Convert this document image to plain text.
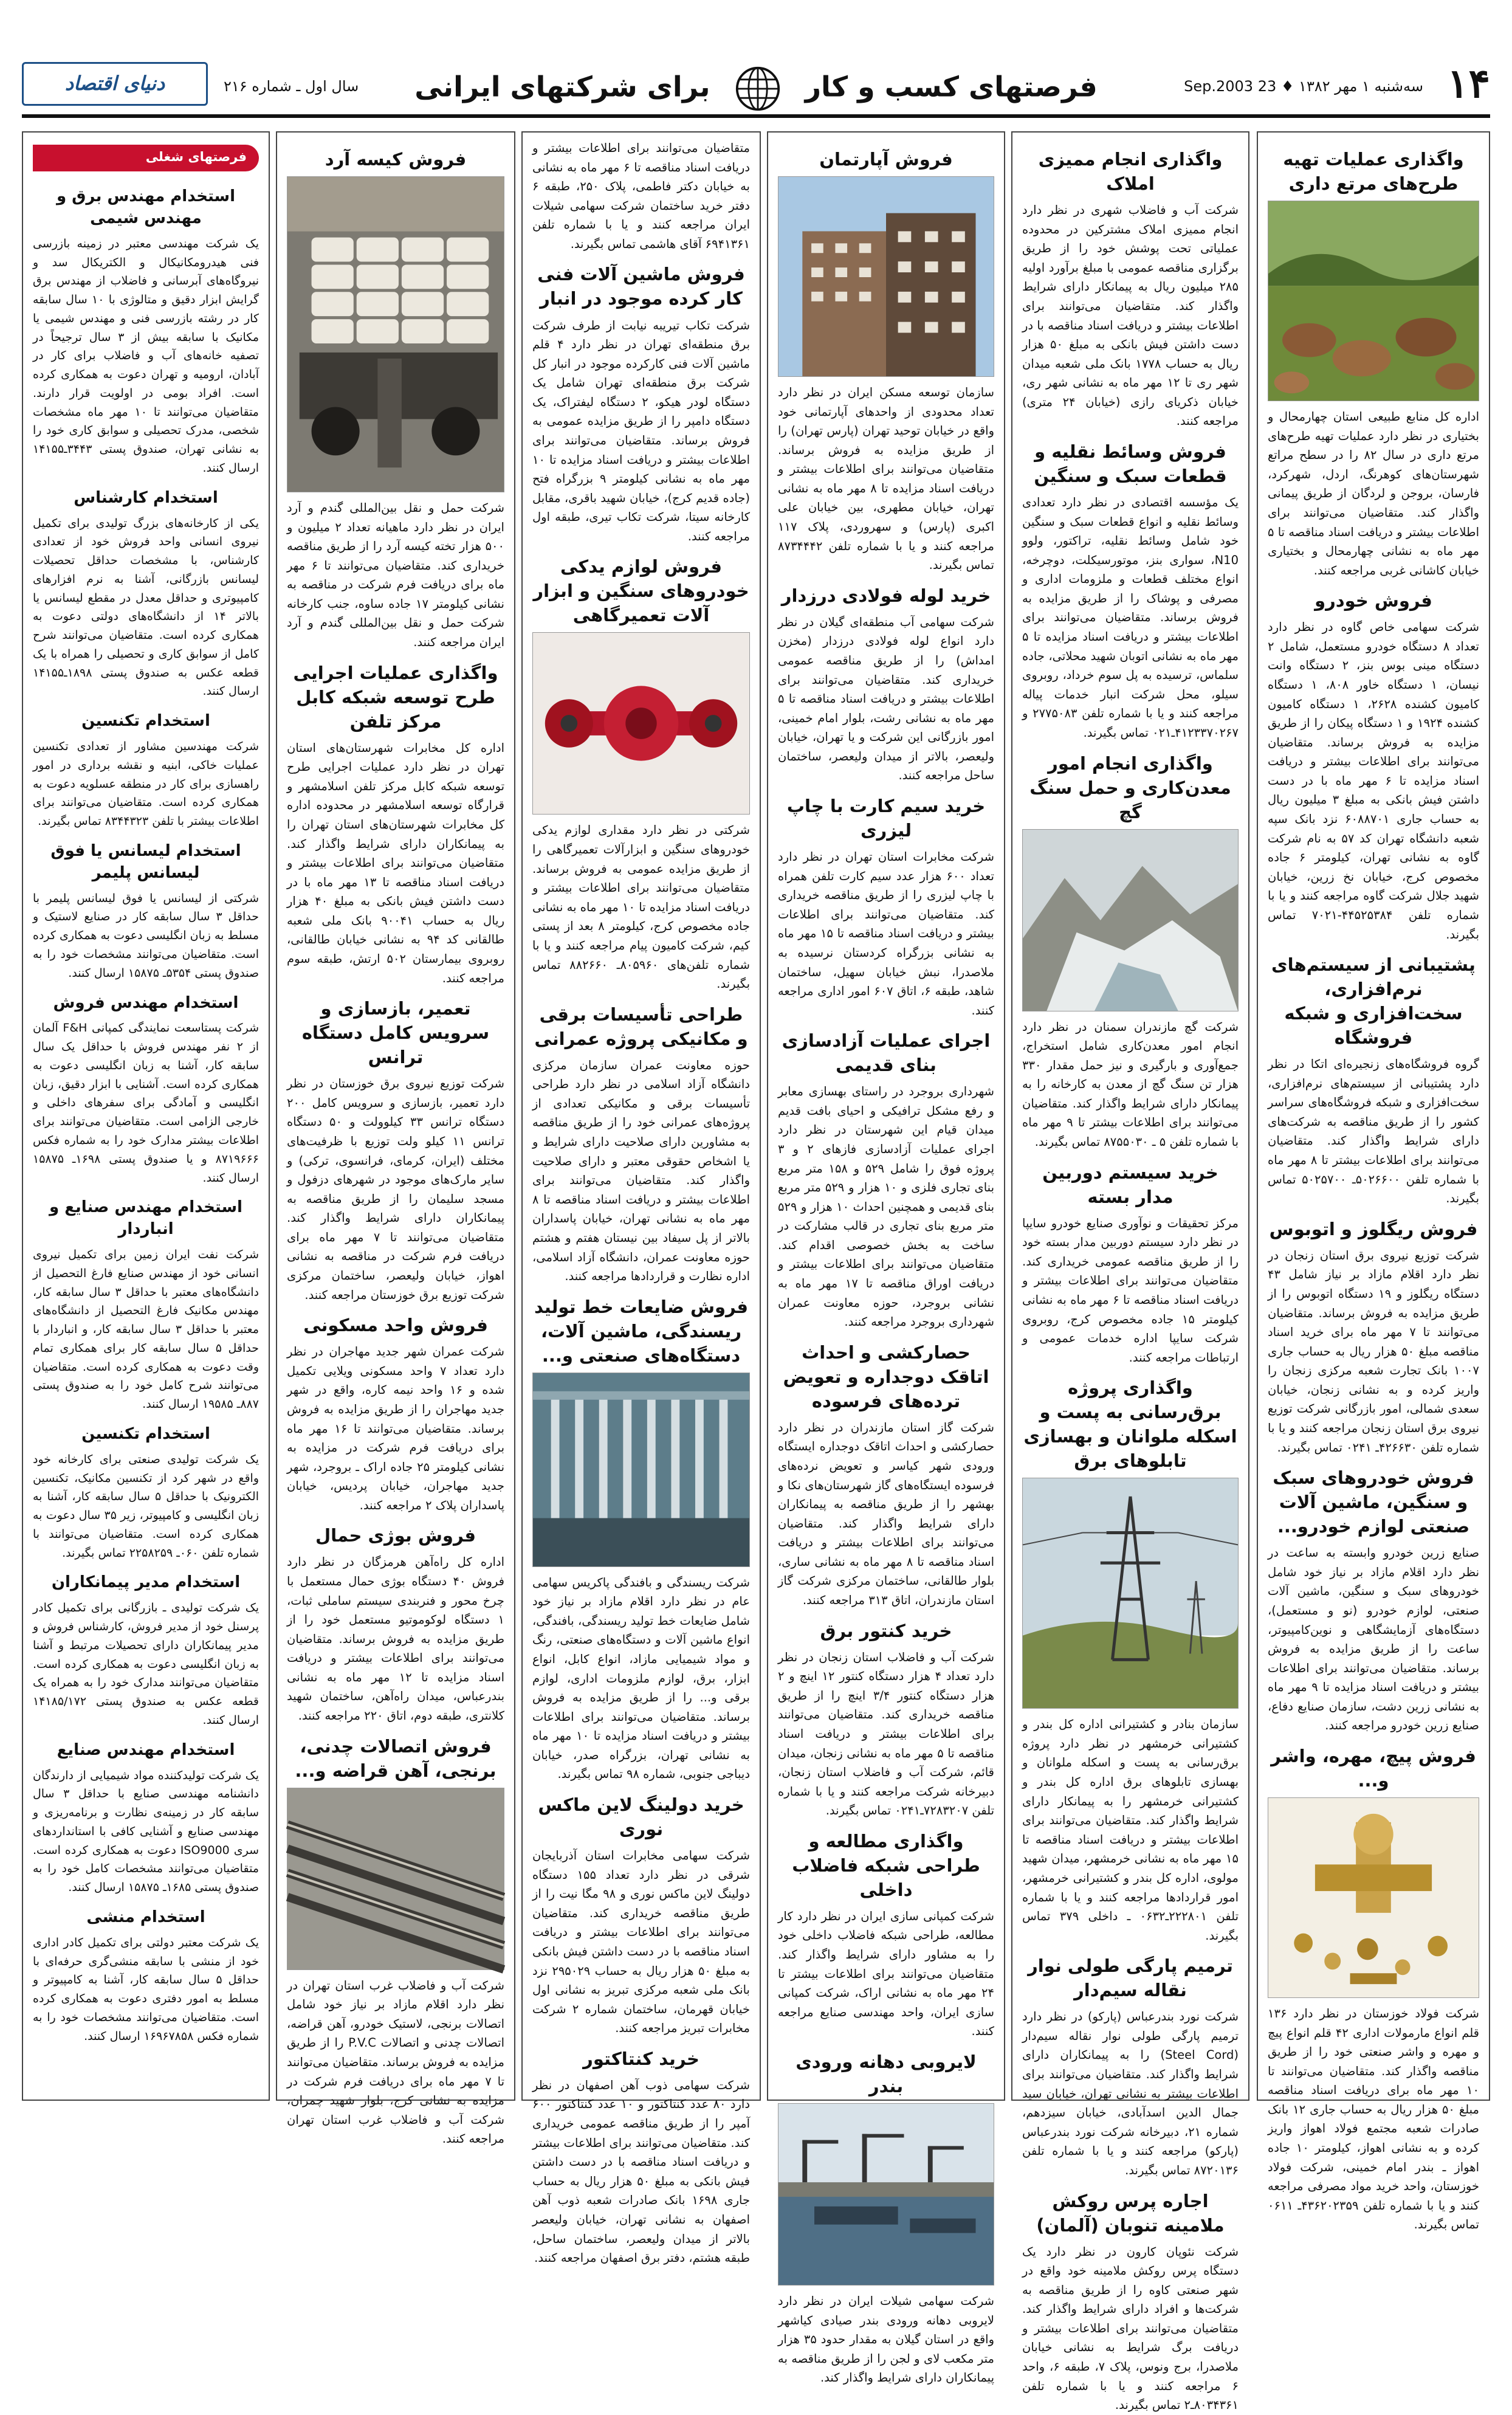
۱۴
سه‌شنبه ۱ مهر ۱۳۸۲ ♦ 23 Sep.2003
فرصتهای کسب و کار  برای شرکتهای ایرانی
سال اول ـ شماره ۲۱۶
دنیای اقتصاد
واگذاری عملیات تهیه طرح‌های مرتع داری
اداره کل منابع طبیعی استان چهارمحال و بختیاری در نظر دارد عملیات تهیه طرح‌های مرتع داری در سال ۸۲ را در سطح مراتع شهرستان‌های کوهرنگ، اردل، شهرکرد، فارسان، بروجن و لردگان از طریق پیمانی واگذار کند. متقاضیان می‌توانند برای اطلاعات بیشتر و دریافت اسناد مناقصه تا ۵ مهر ماه به نشانی چهارمحال و بختیاری خیابان کاشانی غربی مراجعه کنند.
فروش خودرو
شرکت سهامی خاص گاوه در نظر دارد تعداد ۸ دستگاه خودرو مستعمل، شامل ۲ دستگاه مینی بوس بنز، ۲ دستگاه وانت نیسان، ۱ دستگاه خاور ۸۰۸، ۱ دستگاه کامیون کشنده ۲۶۲۸، ۱ دستگاه کامیون کشنده ۱۹۲۴ و ۱ دستگاه پیکان را از طریق مزایده به فروش برساند. متقاضیان می‌توانند برای اطلاعات بیشتر و دریافت اسناد مزایده تا ۶ مهر ماه با در دست داشتن فیش بانکی به مبلغ ۳ میلیون ریال به حساب جاری ۶۰۸۸۷۰۱ نزد بانک سپه شعبه دانشگاه تهران کد ۵۷ به نام شرکت گاوه به نشانی تهران، کیلومتر ۶ جاده مخصوص کرج، خیابان نخ زرین، خیابان شهید جلال شرکت گاوه مراجعه کنند و یا با شماره تلفن ۴۴۵۲۵۳۸۴-۷۰۲۱ تماس بگیرند.
پشتیبانی از سیستم‌های نرم‌افزاری، سخت‌افزاری و شبکه فروشگاه
گروه فروشگاه‌های زنجیره‌ای اتکا در نظر دارد پشتیبانی از سیستم‌های نرم‌افزاری، سخت‌افزاری و شبکه فروشگاه‌های سراسر کشور را از طریق مناقصه به شرکت‌های دارای شرایط واگذار کند. متقاضیان می‌توانند برای اطلاعات بیشتر تا ۸ مهر ماه با شماره تلفن ۵۰۲۶۶۰۰ـ ۵۰۲۵۷۰۰ تماس بگیرند.
فروش ریگلوز و اتوبوس
شرکت توزیع نیروی برق استان زنجان در نظر دارد اقلام مازاد بر نیاز شامل ۴۳ دستگاه ریگلوز و ۱۹ دستگاه اتوبوس را از طریق مزایده به فروش برساند. متقاضیان می‌توانند تا ۷ مهر ماه برای خرید اسناد مناقصه مبلغ ۵۰ هزار ریال به حساب جاری ۱۰۰۷ بانک تجارت شعبه مرکزی زنجان را واریز کرده و به نشانی زنجان، خیابان سعدی شمالی، امور بازرگانی شرکت توزیع نیروی برق استان زنجان مراجعه کنند و یا با شماره تلفن ۴۲۶۶۳۰ـ ۰۲۴۱ تماس بگیرند.
فروش خودروهای سبک و سنگین، ماشین آلات صنعتی لوازم خودرو...
صنایع زرین خودرو وابسته به ساعت در نظر دارد اقلام مازاد بر نیاز خود شامل خودروهای سبک و سنگین، ماشین آلات صنعتی، لوازم خودرو (نو و مستعمل)، دستگاه‌های آزمایشگاهی و نوین‌کامپیوتر، ساعت را از طریق مزایده به فروش برساند. متقاضیان می‌توانند برای اطلاعات بیشتر و دریافت اسناد مزایده تا ۹ مهر ماه به نشانی زرین دشت، سازمان صنایع دفاع، صنایع زرین خودرو مراجعه کنند.
فروش پیچ، مهره، واشر و...
شرکت فولاد خوزستان در نظر دارد ۱۳۶ قلم انواع مارمولات اداری ۴۲ قلم انواع پیچ و مهره و واشر صنعتی خود را از طریق مناقصه واگذار کند. متقاضیان می‌توانند تا ۱۰ مهر ماه برای دریافت اسناد مناقصه مبلغ ۵۰ هزار ریال به حساب جاری ۱۲ بانک صادرات شعبه مجتمع فولاد اهواز واریز کرده و به نشانی اهواز، کیلومتر ۱۰ جاده اهواز ـ بندر امام خمینی، شرکت فولاد خوزستان، واحد خرید مواد مصرفی مراجعه کنند و یا با شماره تلفن ۴۳۶۲۰۲۳۵۹ـ ۰۶۱۱ تماس بگیرند.
واگذاری انجام ممیزی املاک
شرکت آب و فاضلاب شهری در نظر دارد انجام ممیزی املاک مشترکین در محدوده عملیاتی تحت پوشش خود را از طریق برگزاری مناقصه عمومی با مبلغ برآورد اولیه ۲۸۵ میلیون ریال به پیمانکار دارای شرایط واگذار کند. متقاضیان می‌توانند برای اطلاعات بیشتر و دریافت اسناد مناقصه با در دست داشتن فیش بانکی به مبلغ ۵۰ هزار ریال به حساب ۱۷۷۸ بانک ملی شعبه میدان شهر ری تا ۱۲ مهر ماه به نشانی شهر ری، خیابان ذکریای رازی (خیابان ۲۴ متری) مراجعه کنند.
فروش وسائط نقلیه و قطعات سبک و سنگین
یک مؤسسه اقتصادی در نظر دارد تعدادی وسائط نقلیه و انواع قطعات سبک و سنگین خود شامل وسائط نقلیه، تراکتور، ولوو N10، سواری بنز، موتورسیکلت، دوچرخه، انواع مختلف قطعات و ملزومات اداری و مصرفی و پوشاک را از طریق مزایده به فروش برساند. متقاضیان می‌توانند برای اطلاعات بیشتر و دریافت اسناد مزایده تا ۵ مهر ماه به نشانی اتوبان شهید محلاتی، جاده سلماس، ترسیده به پل سوم خرداد، روبروی سیلو، محل شرکت انبار خدمات پیاله مراجعه کنند و یا با شماره تلفن ۲۷۷۵۰۸۳ و ۴۱۲۳۳۷۰۲۶۷ـ۰۲۱ تماس بگیرند.
واگذاری انجام امور معدن‌کاری و حمل سنگ گچ
شرکت گچ مازندران سمنان در نظر دارد انجام امور معدن‌کاری شامل استخراج، جمع‌آوری و بارگیری و نیز حمل مقدار ۳۳۰ هزار تن سنگ گچ از معدن به کارخانه را به پیمانکار دارای شرایط واگذار کند. متقاضیان می‌توانند برای اطلاعات بیشتر تا ۹ مهر ماه با شماره تلفن ۵ ـ ۸۷۵۵۰۳۰ تماس بگیرند.
خرید سیستم دوربین مدار بسته
مرکز تحقیقات و نوآوری صنایع خودرو سایپا در نظر دارد سیستم دوربین مدار بسته خود را از طریق مناقصه عمومی خریداری کند. متقاضیان می‌توانند برای اطلاعات بیشتر و دریافت اسناد مناقصه تا ۶ مهر ماه به نشانی کیلومتر ۱۵ جاده مخصوص کرج، روبروی شرکت سایپا اداره خدمات عمومی و ارتباطات مراجعه کنند.
واگذاری پروژه برق‌رسانی به پست و اسکله ملوانان و بهسازی تابلوهای برق
سازمان بنادر و کشتیرانی اداره کل بندر و کشتیرانی خرمشهر در نظر دارد پروژه برق‌رسانی به پست و اسکله ملوانان و بهسازی تابلوهای برق اداره کل بندر و کشتیرانی خرمشهر را به پیمانکار دارای شرایط واگذار کند. متقاضیان می‌توانند برای اطلاعات بیشتر و دریافت اسناد مناقصه تا ۱۵ مهر ماه به نشانی خرمشهر، میدان شهید مولوی، اداره کل بندر و کشتیرانی خرمشهر، امور قراردادها مراجعه کنند و یا با شماره تلفن ۲۲۲۸۰۱ـ۰۶۳۲ ـ داخلی ۳۷۹ تماس بگیرند.
ترمیم پارگی طولی نوار نقاله سیم‌دار
شرکت نورد بندرعباس (پارکو) در نظر دارد ترمیم پارگی طولی نوار نقاله سیم‌دار (Steel Cord) را به پیمانکاران دارای شرایط واگذار کند. متقاضیان می‌توانند برای اطلاعات بیشتر به نشانی تهران، خیابان سید جمال الدین اسدآبادی، خیابان سیزدهم، شماره ۲۱، دبیرخانه شرکت نورد بندرعباس (پارکو) مراجعه کنند و یا با شماره تلفن ۸۷۲۰۱۳۶ تماس بگیرند.
اجاره پرس روکش ملامینه تنوبان (آلمان)
شرکت نئوپان کارون در نظر دارد یک دستگاه پرس روکش ملامینه خود واقع در شهر صنعتی کاوه را از طریق مناقصه به شرکت‌ها و افراد دارای شرایط واگذار کند. متقاضیان می‌توانند برای اطلاعات بیشتر و دریافت برگ شرایط به نشانی خیابان ملاصدرا، برج ونوس، پلاک ۷، طبقه ۶، واحد ۶ مراجعه کنند و یا با شماره تلفن ۸۰۳۴۳۶۱ـ۲ تماس بگیرند.
فروش آپارتمان
سازمان توسعه مسکن ایران در نظر دارد تعداد محدودی از واحدهای آپارتمانی خود واقع در خیابان توحید تهران (پارس تهران) را از طریق مزایده به فروش برساند. متقاضیان می‌توانند برای اطلاعات بیشتر و دریافت اسناد مزایده تا ۸ مهر ماه به نشانی تهران، خیابان مطهری، بین خیابان علی اکبری (پارس) و سهروردی، پلاک ۱۱۷ مراجعه کنند و یا با شماره تلفن ۸۷۳۴۴۴۲ تماس بگیرند.
خرید لوله فولادی درزدار
شرکت سهامی آب منطقه‌ای گیلان در نظر دارد انواع لوله فولادی درزدار (مخزن امداش) را از طریق مناقصه عمومی خریداری کند. متقاضیان می‌توانند برای اطلاعات بیشتر و دریافت اسناد مناقصه تا ۵ مهر ماه به نشانی رشت، بلوار امام خمینی، امور بازرگانی این شرکت و یا تهران، خیابان ولیعصر، بالاتر از میدان ولیعصر، ساختمان ساحل مراجعه کنند.
خرید سیم کارت با چاپ لیزری
شرکت مخابرات استان تهران در نظر دارد تعداد ۶۰۰ هزار عدد سیم کارت تلفن همراه با چاپ لیزری را از طریق مناقصه خریداری کند. متقاضیان می‌توانند برای اطلاعات بیشتر و دریافت اسناد مناقصه تا ۱۵ مهر ماه به نشانی بزرگراه کردستان نرسیده به ملاصدرا، نبش خیابان سهیل، ساختمان شاهد، طبقه ۶، اتاق ۶۰۷ امور اداری مراجعه کنند.
اجرای عملیات آزادسازی بنای قدیمی
شهرداری بروجرد در راستای بهسازی معابر و رفع مشکل ترافیکی و احیای بافت قدیم میدان قیام این شهرستان در نظر دارد اجرای عملیات آزادسازی فازهای ۲ و ۳ پروژه فوق را شامل ۵۲۹ و ۱۵۸ متر مربع بنای تجاری فلزی و ۱۰ هزار و ۵۲۹ متر مربع بنای قدیمی و همچنین احداث ۱۰ هزار و ۵۲۹ متر مربع بنای تجاری در قالب مشارکت در ساخت به بخش خصوصی اقدام کند. متقاضیان می‌توانند برای اطلاعات بیشتر و دریافت اوراق مناقصه تا ۱۷ مهر ماه به نشانی بروجرد، حوزه معاونت عمران شهرداری بروجرد مراجعه کنند.
حصارکشی و احداث اتاقک دوجداره و تعویض ترده‌های فرسوده
شرکت گاز استان مازندران در نظر دارد حصارکشی و احداث اتاقک دوجداره ایستگاه ورودی شهر کیاسر و تعویض نرده‌های فرسوده ایستگاه‌های گاز شهرستان‌های نکا و بهشهر را از طریق مناقصه به پیمانکاران دارای شرایط واگذار کند. متقاضیان می‌توانند برای اطلاعات بیشتر و دریافت اسناد مناقصه تا ۸ مهر ماه به نشانی ساری، بلوار طالقانی، ساختمان مرکزی شرکت گاز استان مازندران، اتاق ۳۱۳ مراجعه کنند.
خرید کنتور برق
شرکت آب و فاضلاب استان زنجان در نظر دارد تعداد ۴ هزار دستگاه کنتور ۱۲ اینچ و ۲ هزار دستگاه کنتور ۳/۴ اینچ را از طریق مناقصه خریداری کند. متقاضیان می‌توانند برای اطلاعات بیشتر و دریافت اسناد مناقصه تا ۵ مهر ماه به نشانی زنجان، میدان قائم، شرکت آب و فاضلاب استان زنجان، دبیرخانه شرکت مراجعه کنند و یا با شماره تلفن ۷۲۸۳۲۰۷ـ۰۲۴۱ تماس بگیرند.
واگذاری مطالعه و طراحی شبکه فاضلاب داخلی
شرکت کمپانی سازی ایران در نظر دارد کار مطالعه، طراحی شبکه فاضلاب داخلی خود را به مشاور دارای شرایط واگذار کند. متقاضیان می‌توانند برای اطلاعات بیشتر تا ۲۴ مهر ماه به نشانی اراک، شرکت کمپانی سازی ایران، واحد مهندسی صنایع مراجعه کنند.
لایروبی دهانه ورودی بندر
شرکت سهامی شیلات ایران در نظر دارد لایروبی دهانه ورودی بندر صیادی کیاشهر واقع در استان گیلان به مقدار حدود ۳۵ هزار متر مکعب لای و لجن را از طریق مناقصه به پیمانکاران دارای شرایط واگذار کند.
متقاضیان می‌توانند برای اطلاعات بیشتر و دریافت اسناد مناقصه تا ۶ مهر ماه به نشانی به خیابان دکتر فاطمی، پلاک ۲۵۰، طبقه ۶ دفتر خرید ساختمان شرکت سهامی شیلات ایران مراجعه کنند و یا با شماره تلفن ۶۹۴۱۳۶۱ آقای هاشمی تماس بگیرند.
فروش ماشین آلات فنی کار کرده موجود در انبار
شرکت تکاب تیریبه نیابت از طرف شرکت برق منطقه‌ای تهران در نظر دارد ۴ قلم ماشین آلات فنی کارکرده موجود در انبار کل شرکت برق منطقه‌ای تهران شامل یک دستگاه لودر هیکو، ۲ دستگاه لیفتراک، یک دستگاه دامپر را از طریق مزایده عمومی به فروش برساند. متقاضیان می‌توانند برای اطلاعات بیشتر و دریافت اسناد مزایده تا ۱۰ مهر ماه به نشانی کیلومتر ۹ بزرگراه فتح (جاده قدیم کرج)، خیابان شهید باقری، مقابل کارخانه سیتا، شرکت تکاب تیری، طبقه اول مراجعه کنند.
فروش لوازم یدکی خودروهای سنگین و ابزار آلات تعمیرگاهی
شرکتی در نظر دارد مقداری لوازم یدکی خودروهای سنگین و ابزارآلات تعمیرگاهی را از طریق مزایده عمومی به فروش برساند. متقاضیان می‌توانند برای اطلاعات بیشتر و دریافت اسناد مزایده تا ۱۰ مهر ماه به نشانی جاده مخصوص کرج، کیلومتر ۸ بعد از پستی کیم، شرکت کامیون پیام مراجعه کنند و یا با شماره تلفن‌های ۸۰۵۹۶۰ـ ۸۸۲۶۶۰ تماس بگیرند.
طراحی تأسیسات برقی و مکانیکی پروژه عمرانی
حوزه معاونت عمران سازمان مرکزی دانشگاه آزاد اسلامی در نظر دارد طراحی تأسیسات برقی و مکانیکی تعدادی از پروژه‌های عمرانی خود را از طریق مناقصه به مشاورین دارای صلاحیت دارای شرایط و یا اشخاص حقوقی معتبر و دارای صلاحیت واگذار کند. متقاضیان می‌توانند برای اطلاعات بیشتر و دریافت اسناد مناقصه تا ۸ مهر ماه به نشانی تهران، خیابان پاسداران بالاتر از پل سیفاد بین نیستان هفتم و هشتم حوزه معاونت عمران، دانشگاه آزاد اسلامی، اداره نظارت و قراردادها مراجعه کنند.
فروش ضایعات خط تولید ریسندگی، ماشین آلات، دستگاه‌های صنعتی و...
شرکت ریسندگی و بافندگی پاکریس سهامی عام در نظر دارد اقلام مازاد بر نیاز خود شامل ضایعات خط تولید ریسندگی، بافندگی، انواع ماشین آلات و دستگاه‌های صنعتی، رنگ و مواد شیمیایی مازاد، انواع کابل، انواع ابزار، برق، لوازم ملزومات اداری، لوازم برقی و... را از طریق مزایده به فروش برساند. متقاضیان می‌توانند برای اطلاعات بیشتر و دریافت اسناد مزایده تا ۱۰ مهر ماه به نشانی تهران، بزرگراه صدر، خیابان دیباجی جنوبی، شماره ۹۸ تماس بگیرند.
خرید دولینگ لاین ماکس نوری
شرکت سهامی مخابرات استان آذربایجان شرقی در نظر دارد تعداد ۱۵۵ دستگاه دولینگ لاین ماکس نوری و ۹۸ مگا نیت را از طریق مناقصه خریداری کند. متقاضیان می‌توانند برای اطلاعات بیشتر و دریافت اسناد مناقصه با در دست داشتن فیش بانکی به مبلغ ۵۰ هزار ریال به حساب ۲۹۵۰۲۹ نزد بانک ملی شعبه مرکزی تبریز به نشانی اول خیابان قهرمان، ساختمان شماره ۲ شرکت مخابرات تبریز مراجعه کنند.
خرید کنتاکتور
شرکت سهامی ذوب آهن اصفهان در نظر دارد ۸۰ عدد کنتاکتور و ۱۰ عدد کنتاکتور ۶۰۰ آمپر را از طریق مناقصه عمومی خریداری کند. متقاضیان می‌توانند برای اطلاعات بیشتر و دریافت اسناد مناقصه با در دست داشتن فیش بانکی به مبلغ ۵۰ هزار ریال به حساب جاری ۱۶۹۸ بانک صادرات شعبه ذوب آهن اصفهان به نشانی تهران، خیابان ولیعصر بالاتر از میدان ولیعصر، ساختمان ساحل، طبقه هشتم، دفتر برق اصفهان مراجعه کنند.
فروش کیسه آرد
شرکت حمل و نقل بین‌المللی گندم و آرد ایران در نظر دارد ماهیانه تعداد ۲ میلیون و ۵۰۰ هزار تخته کیسه آرد را از طریق مناقصه خریداری کند. متقاضیان می‌توانند تا ۶ مهر ماه برای دریافت فرم شرکت در مناقصه به نشانی کیلومتر ۱۷ جاده ساوه، جنب کارخانه شرکت حمل و نقل بین‌المللی گندم و آرد ایران مراجعه کنند.
واگذاری عملیات اجرایی طرح توسعه شبکه کابل مرکز تلفن
اداره کل مخابرات شهرستان‌های استان تهران در نظر دارد عملیات اجرایی طرح توسعه شبکه کابل مرکز تلفن اسلامشهر و قرارگاه توسعه اسلامشهر در محدوده اداره کل مخابرات شهرستان‌های استان تهران را به پیمانکاران دارای شرایط واگذار کند. متقاضیان می‌توانند برای اطلاعات بیشتر و دریافت اسناد مناقصه تا ۱۳ مهر ماه با در دست داشتن فیش بانکی به مبلغ ۴۰ هزار ریال به حساب ۹۰۰۴۱ بانک ملی شعبه طالقانی کد ۹۴ به نشانی خیابان طالقانی، روبروی بیمارستان ۵۰۲ ارتش، طبقه سوم مراجعه کنند.
تعمیر، بازسازی و سرویس کامل دستگاه ترانس
شرکت توزیع نیروی برق خوزستان در نظر دارد تعمیر، بازسازی و سرویس کامل ۲۰۰ دستگاه ترانس ۳۳ کیلوولت و ۵۰ دستگاه ترانس ۱۱ کیلو ولت توزیع با ظرفیت‌های مختلف (ایران، کرمای، فرانسوی، ترکی) و سایر مارک‌های موجود در شهرهای دزفول و مسجد سلیمان را از طریق مناقصه به پیمانکاران دارای شرایط واگذار کند. متقاضیان می‌توانند تا ۷ مهر ماه برای دریافت فرم شرکت در مناقصه به نشانی اهواز، خیابان ولیعصر، ساختمان مرکزی شرکت توزیع برق خوزستان مراجعه کنند.
فروش واحد مسکونی
شرکت عمران شهر جدید مهاجران در نظر دارد تعداد ۷ واحد مسکونی ویلایی تکمیل شده و ۱۶ واحد نیمه کاره، واقع در شهر جدید مهاجران را از طریق مزایده به فروش برساند. متقاضیان می‌توانند تا ۱۶ مهر ماه برای دریافت فرم شرکت در مزایده به نشانی کیلومتر ۲۵ جاده اراک ـ بروجرد، شهر جدید مهاجران، خیابان پردیس، خیابان پاسداران پلاک ۲ مراجعه کنند.
فروش بوژی حمال
اداره کل راه‌آهن هرمزگان در نظر دارد فروش ۴۰ دستگاه بوژی حمال مستعمل با چرخ محور و فنربندی سیستم ساملی ثبات، ۱ دستگاه لوکوموتیو مستعمل خود را از طریق مزایده به فروش برساند. متقاضیان می‌توانند برای اطلاعات بیشتر و دریافت اسناد مزایده تا ۱۲ مهر ماه به نشانی بندرعباس، میدان راه‌آهن، ساختمان شهید کلانتری، طبقه دوم، اتاق ۲۲۰ مراجعه کنند.
فروش اتصالات چدنی، برنجی، آهن قراضه و...
شرکت آب و فاضلاب غرب استان تهران در نظر دارد اقلام مازاد بر نیاز خود شامل اتصالات برنجی، لاستیک خودرو، آهن قراضه، اتصالات چدنی و اتصالات P.V.C را از طریق مزایده به فروش برساند. متقاضیان می‌توانند تا ۷ مهر ماه برای دریافت فرم شرکت در مزایده به نشانی کرج، بلوار شهید چمران، شرکت آب و فاضلاب غرب استان تهران مراجعه کنند.
فرصتهای شغلی
استخدام مهندس برق و مهندس شیمی
یک شرکت مهندسی معتبر در زمینه بازرسی فنی هیدرومکانیکال و الکتریکال سد و نیروگاه‌های آبرسانی و فاضلاب از مهندس برق گرایش ابزار دقیق و متالوژی با ۱۰ سال سابقه کار در رشته بازرسی فنی و مهندس شیمی یا مکانیک با سابقه بیش از ۳ سال ترجیحاً در تصفیه خانه‌های آب و فاضلاب برای کار در آبادان، ارومیه و تهران دعوت به همکاری کرده است. افراد بومی در اولویت قرار دارند. متقاضیان می‌توانند تا ۱۰ مهر ماه مشخصات شخصی، مدرک تحصیلی و سوابق کاری خود را به نشانی تهران، صندوق پستی ۳۴۴۳ـ۱۴۱۵۵ ارسال کنند.
استخدام کارشناس
یکی از کارخانه‌های بزرگ تولیدی برای تکمیل نیروی انسانی واحد فروش خود از تعدادی کارشناس، با مشخصات حداقل تحصیلات لیسانس بازرگانی، آشنا به نرم افزارهای کامپیوتری و حداقل معدل در مقطع لیسانس یا بالاتر ۱۴ از دانشگاه‌های دولتی دعوت به همکاری کرده است. متقاضیان می‌توانند شرح کامل از سوابق کاری و تحصیلی را همراه با یک قطعه عکس به صندوق پستی ۱۸۹۸ـ۱۴۱۵۵ ارسال کنند.
استخدام تکنسین
شرکت مهندسین مشاور از تعدادی تکنسین عملیات خاکی، ابنیه و نقشه برداری در امور راهسازی برای کار در منطقه عسلویه دعوت به همکاری کرده است. متقاضیان می‌توانند برای اطلاعات بیشتر با تلفن ۸۳۴۴۳۲۳ تماس بگیرند.
استخدام لیسانس یا فوق لیسانس پلیمر
شرکتی از لیسانس یا فوق لیسانس پلیمر با حداقل ۳ سال سابقه کار در صنایع لاستیک و مسلط به زبان انگلیسی دعوت به همکاری کرده است. متقاضیان می‌توانند مشخصات خود را به صندوق پستی ۵۳۵۴ـ ۱۵۸۷۵ ارسال کنند.
استخدام مهندس فروش
شرکت پستاسعت نمایندگی کمپانی F&H آلمان از ۲ نفر مهندس فروش با حداقل یک سال سابقه کار، آشنا به زبان انگلیسی دعوت به همکاری کرده است. آشنایی با ابزار دقیق، زبان انگلیسی و آمادگی برای سفرهای داخلی و خارجی الزامی است. متقاضیان می‌توانند برای اطلاعات بیشتر مدارک خود را به شماره فکس ۸۷۱۹۶۶۶ و یا صندوق پستی ۱۶۹۸ـ ۱۵۸۷۵ ارسال کنند.
استخدام مهندس صنایع و انباردار
شرکت نفت ایران زمین برای تکمیل نیروی انسانی خود از مهندس صنایع فارغ التحصیل از دانشگاه‌های معتبر با حداقل ۳ سال سابقه کار، مهندس مکانیک فارغ التحصیل از دانشگاه‌های معتبر با حداقل ۳ سال سابقه کار، و انباردار با حداقل ۵ سال سابقه کار برای همکاری تمام وقت دعوت به همکاری کرده است. متقاضیان می‌توانند شرح کامل خود را به صندوق پستی ۸۸۷ـ ۱۹۵۸۵ ارسال کنند.
استخدام تکنسین
یک شرکت تولیدی صنعتی برای کارخانه خود واقع در شهر کرد از تکنسین مکانیک، تکنسین الکترونیک با حداقل ۵ سال سابقه کار، آشنا به زبان انگلیسی و کامپیوتر، زیر ۳۵ سال دعوت به همکاری کرده است. متقاضیان می‌توانند با شماره تلفن ۰۶۰ـ ۲۲۵۸۲۵۹ تماس بگیرند.
استخدام مدیر پیمانکاران
یک شرکت تولیدی ـ بازرگانی برای تکمیل کادر پرسنل خود از مدیر فروش، کارشناس فروش و مدیر پیمانکاران دارای تحصیلات مرتبط و آشنا به زبان انگلیسی دعوت به همکاری کرده است. متقاضیان می‌توانند مدارک خود را به همراه یک قطعه عکس به صندوق پستی ۱۴۱۸۵/۱۷۲ ارسال کنند.
استخدام مهندس صنایع
یک شرکت تولیدکننده مواد شیمیایی از دارندگان دانشنامه مهندسی صنایع با حداقل ۳ سال سابقه کار در زمینه‌ی نظارت و برنامه‌ریزی و مهندسی صنایع و آشنایی کافی با استانداردهای سری ISO9000 دعوت به همکاری کرده است. متقاضیان می‌توانند مشخصات کامل خود را به صندوق پستی ۱۶۸۵ـ ۱۵۸۷۵ ارسال کنند.
استخدام منشی
یک شرکت معتبر دولتی برای تکمیل کادر اداری خود از منشی با سابقه منشی‌گری حرفه‌ای با حداقل ۵ سال سابقه کار، آشنا به کامپیوتر و مسلط به امور دفتری دعوت به همکاری کرده است. متقاضیان می‌توانند مشخصات خود را به شماره فکس ۱۶۹۶۷۸۵۸ ارسال کنند.
